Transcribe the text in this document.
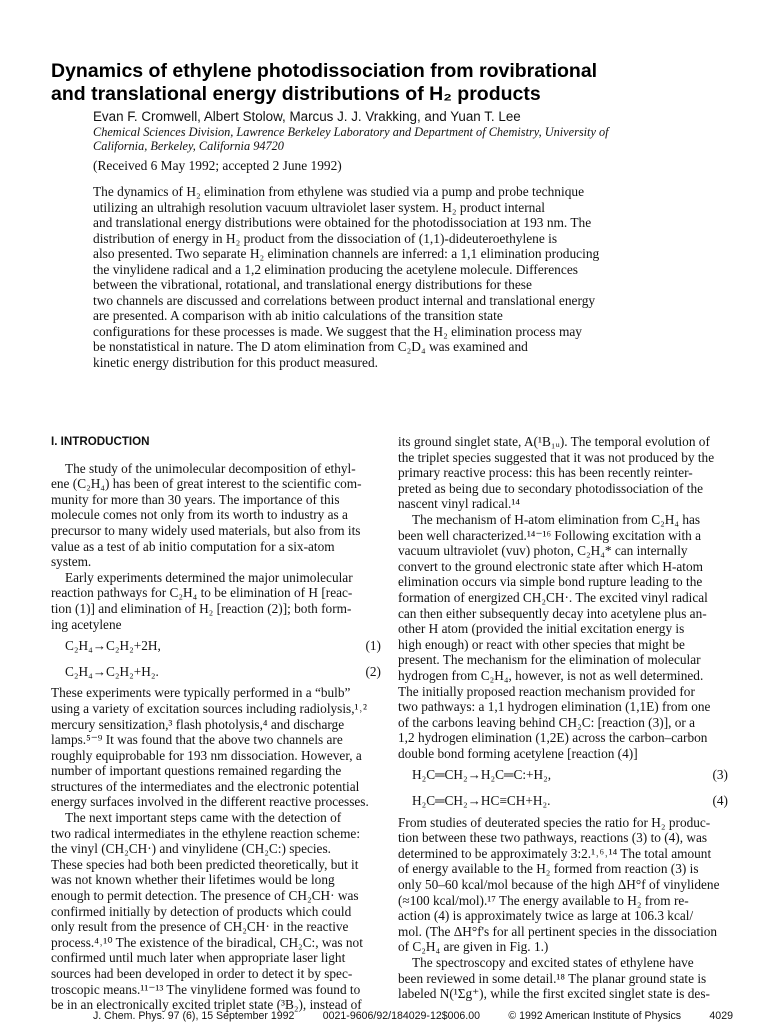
Dynamics of ethylene photodissociation from rovibrational
and translational energy distributions of H₂ products
Evan F. Cromwell, Albert Stolow, Marcus J. J. Vrakking, and Yuan T. Lee
Chemical Sciences Division, Lawrence Berkeley Laboratory and Department of Chemistry, University of
California, Berkeley, California 94720
(Received 6 May 1992; accepted 2 June 1992)
The dynamics of H₂ elimination from ethylene was studied via a pump and probe technique
utilizing an ultrahigh resolution vacuum ultraviolet laser system. H₂ product internal
and translational energy distributions were obtained for the photodissociation at 193 nm. The
distribution of energy in H₂ product from the dissociation of (1,1)-dideuteroethylene is
also presented. Two separate H₂ elimination channels are inferred: a 1,1 elimination producing
the vinylidene radical and a 1,2 elimination producing the acetylene molecule. Differences
between the vibrational, rotational, and translational energy distributions for these
two channels are discussed and correlations between product internal and translational energy
are presented. A comparison with ab initio calculations of the transition state
configurations for these processes is made. We suggest that the H₂ elimination process may
be nonstatistical in nature. The D atom elimination from C₂D₄ was examined and
kinetic energy distribution for this product measured.
I. INTRODUCTION
The study of the unimolecular decomposition of ethyl-
ene (C₂H₄) has been of great interest to the scientific com-
munity for more than 30 years. The importance of this
molecule comes not only from its worth to industry as a
precursor to many widely used materials, but also from its
value as a test of ab initio computation for a six-atom
system.
Early experiments determined the major unimolecular
reaction pathways for C₂H₄ to be elimination of H [reac-
tion (1)] and elimination of H₂ [reaction (2)]; both form-
ing acetylene
C₂H₄→C₂H₂+2H,	(1)
C₂H₄→C₂H₂+H₂.	(2)
These experiments were typically performed in a “bulb”
using a variety of excitation sources including radiolysis,¹˒²
mercury sensitization,³ flash photolysis,⁴ and discharge
lamps.⁵⁻⁹ It was found that the above two channels are
roughly equiprobable for 193 nm dissociation. However, a
number of important questions remained regarding the
structures of the intermediates and the electronic potential
energy surfaces involved in the different reactive processes.
The next important steps came with the detection of
two radical intermediates in the ethylene reaction scheme:
the vinyl (CH₂CH·) and vinylidene (CH₂C:) species.
These species had both been predicted theoretically, but it
was not known whether their lifetimes would be long
enough to permit detection. The presence of CH₂CH· was
confirmed initially by detection of products which could
only result from the presence of CH₂CH· in the reactive
process.⁴˒¹⁰ The existence of the biradical, CH₂C:, was not
confirmed until much later when appropriate laser light
sources had been developed in order to detect it by spec-
troscopic means.¹¹⁻¹³ The vinylidene formed was found to
be in an electronically excited triplet state (³B₂), instead of
its ground singlet state, A(¹B₁ᵤ). The temporal evolution of
the triplet species suggested that it was not produced by the
primary reactive process: this has been recently reinter-
preted as being due to secondary photodissociation of the
nascent vinyl radical.¹⁴
The mechanism of H-atom elimination from C₂H₄ has
been well characterized.¹⁴⁻¹⁶ Following excitation with a
vacuum ultraviolet (vuv) photon, C₂H₄* can internally
convert to the ground electronic state after which H-atom
elimination occurs via simple bond rupture leading to the
formation of energized CH₂CH·. The excited vinyl radical
can then either subsequently decay into acetylene plus an-
other H atom (provided the initial excitation energy is
high enough) or react with other species that might be
present. The mechanism for the elimination of molecular
hydrogen from C₂H₄, however, is not as well determined.
The initially proposed reaction mechanism provided for
two pathways: a 1,1 hydrogen elimination (1,1E) from one
of the carbons leaving behind CH₂C: [reaction (3)], or a
1,2 hydrogen elimination (1,2E) across the carbon–carbon
double bond forming acetylene [reaction (4)]
H₂C═CH₂→H₂C═C:+H₂,	(3)
H₂C═CH₂→HC≡CH+H₂.	(4)
From studies of deuterated species the ratio for H₂ produc-
tion between these two pathways, reactions (3) to (4), was
determined to be approximately 3:2.¹˒⁶˒¹⁴ The total amount
of energy available to the H₂ formed from reaction (3) is
only 50–60 kcal/mol because of the high ΔH°f of vinylidene
(≈100 kcal/mol).¹⁷ The energy available to H₂ from re-
action (4) is approximately twice as large at 106.3 kcal/
mol. (The ΔH°f's for all pertinent species in the dissociation
of C₂H₄ are given in Fig. 1.)
The spectroscopy and excited states of ethylene have
been reviewed in some detail.¹⁸ The planar ground state is
labeled N(¹Σg⁺), while the first excited singlet state is des-
J. Chem. Phys. 97 (6), 15 September 1992	0021-9606/92/184029-12$006.00	© 1992 American Institute of Physics	4029
